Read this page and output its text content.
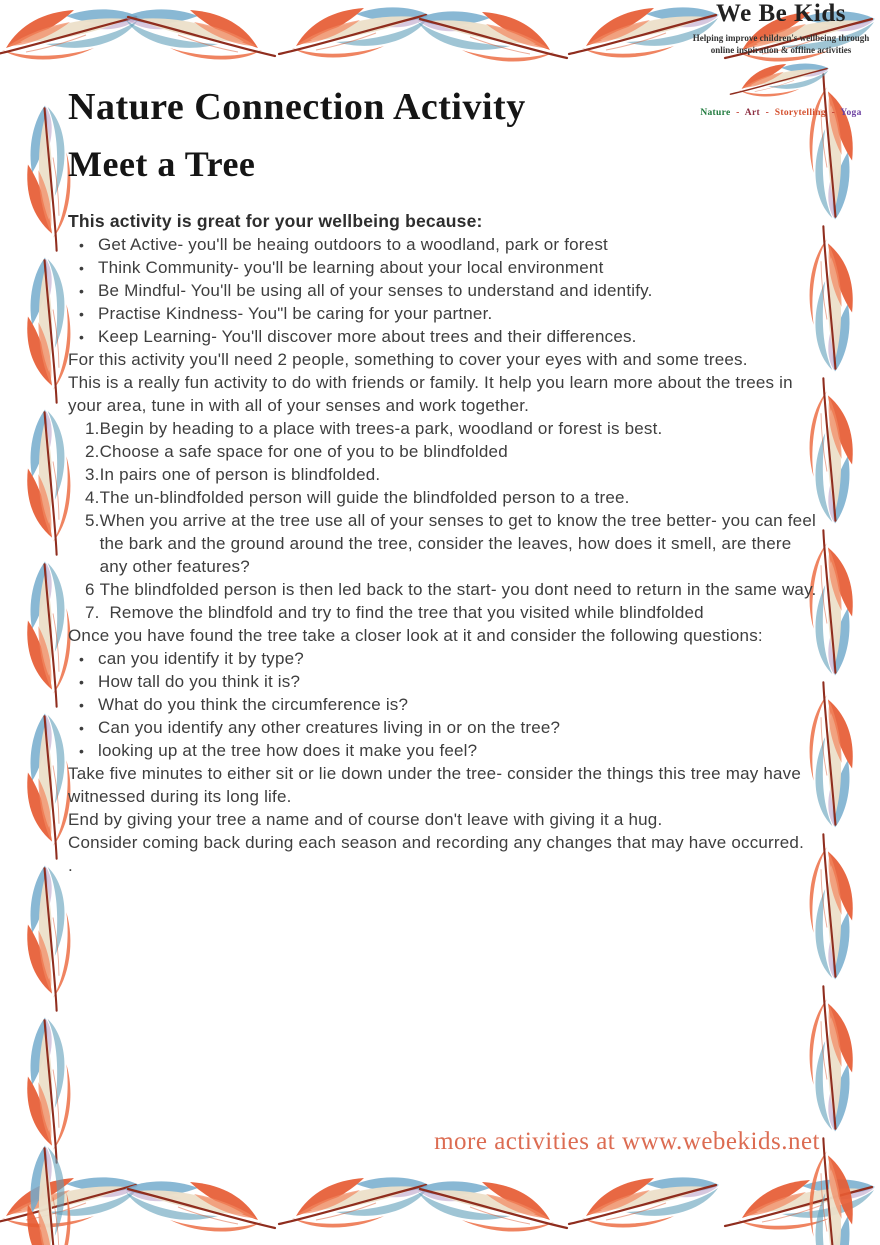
We Be Kids
Helping improve children's wellbeing through
online inspiration & offline activities
Nature - Art - Storytelling - Yoga
Nature Connection Activity
Meet a Tree
This activity is great for your wellbeing because:
• Get Active- you'll be heaing outdoors to a woodland, park or forest
• Think Community- you'll be learning about your local environment
• Be Mindful- You'll be using all of your senses to understand and identify.
• Practise Kindness- You"l be caring for your partner.
• Keep Learning- You'll discover more about trees and their differences.

For this activity you'll need 2 people, something to cover your eyes with and some trees.

This is a really fun activity to do with friends or family. It help you learn more about the trees in your area, tune in with all of your senses and work together.

1. Begin by heading to a place with trees-a park, woodland or forest is best.
2. Choose a safe space for one of you to be blindfolded
3. In pairs one of person is blindfolded.
4. The un-blindfolded person will guide the blindfolded person to a tree.
5. When you arrive at the tree use all of your senses to get to know the tree better- you can feel the bark and the ground around the tree, consider the leaves, how does it smell, are there any other features?
6 The blindfolded person is then led back to the start- you dont need to return in the same way.
7. Remove the blindfold and try to find the tree that you visited while blindfolded

Once you have found the tree take a closer look at it and consider the following questions:

• can you identify it by type?
• How tall do you think it is?
• What do you think the circumference is?
• Can you identify any other creatures living in or on the tree?
• looking up at the tree how does it make you feel?

Take five minutes to either sit or lie down under the tree- consider the things this tree may have witnessed during its long life.

End by giving your tree a name and of course don't leave with giving it a hug.

Consider coming back during each season and recording any changes that may have occurred.

.

more activities at www.webekids.net
